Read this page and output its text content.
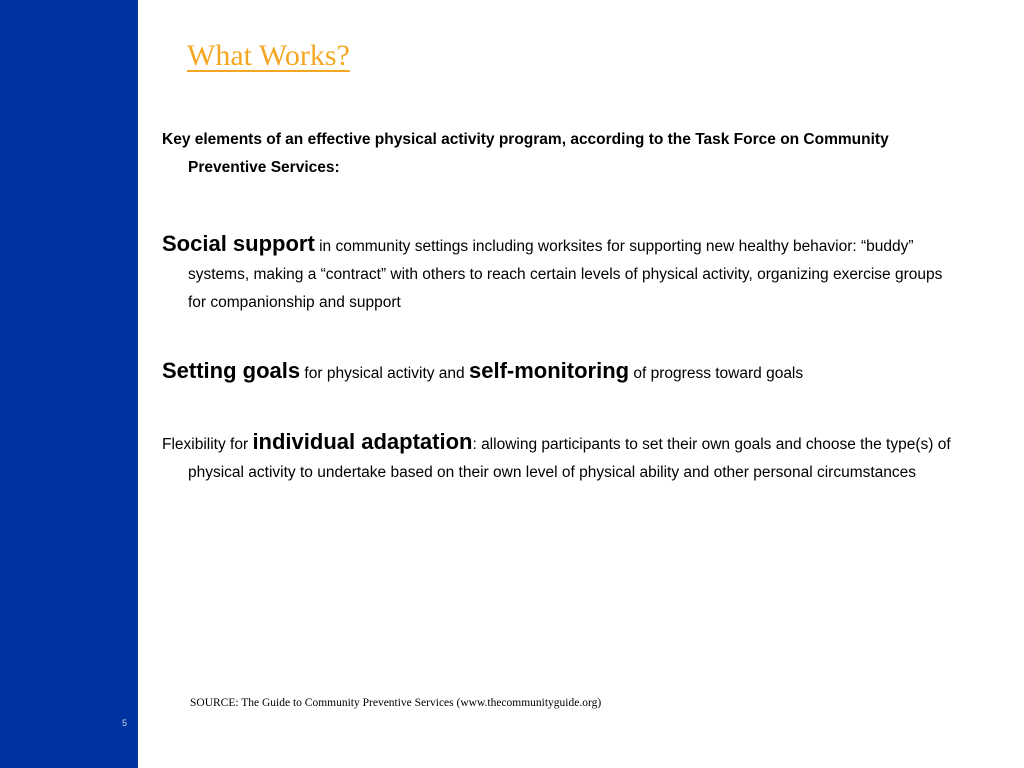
5
What Works?

Key elements of an effective physical activity program, according to the Task Force on Community Preventive Services:

Social support in community settings including worksites for supporting new healthy behavior: “buddy” systems, making a “contract” with others to reach certain levels of physical activity, organizing exercise groups for companionship and support

Setting goals for physical activity and self-monitoring of progress toward goals

Flexibility for individual adaptation: allowing participants to set their own goals and choose the type(s) of physical activity to undertake based on their own level of physical ability and other personal circumstances

SOURCE: The Guide to Community Preventive Services (www.thecommunityguide.org)
